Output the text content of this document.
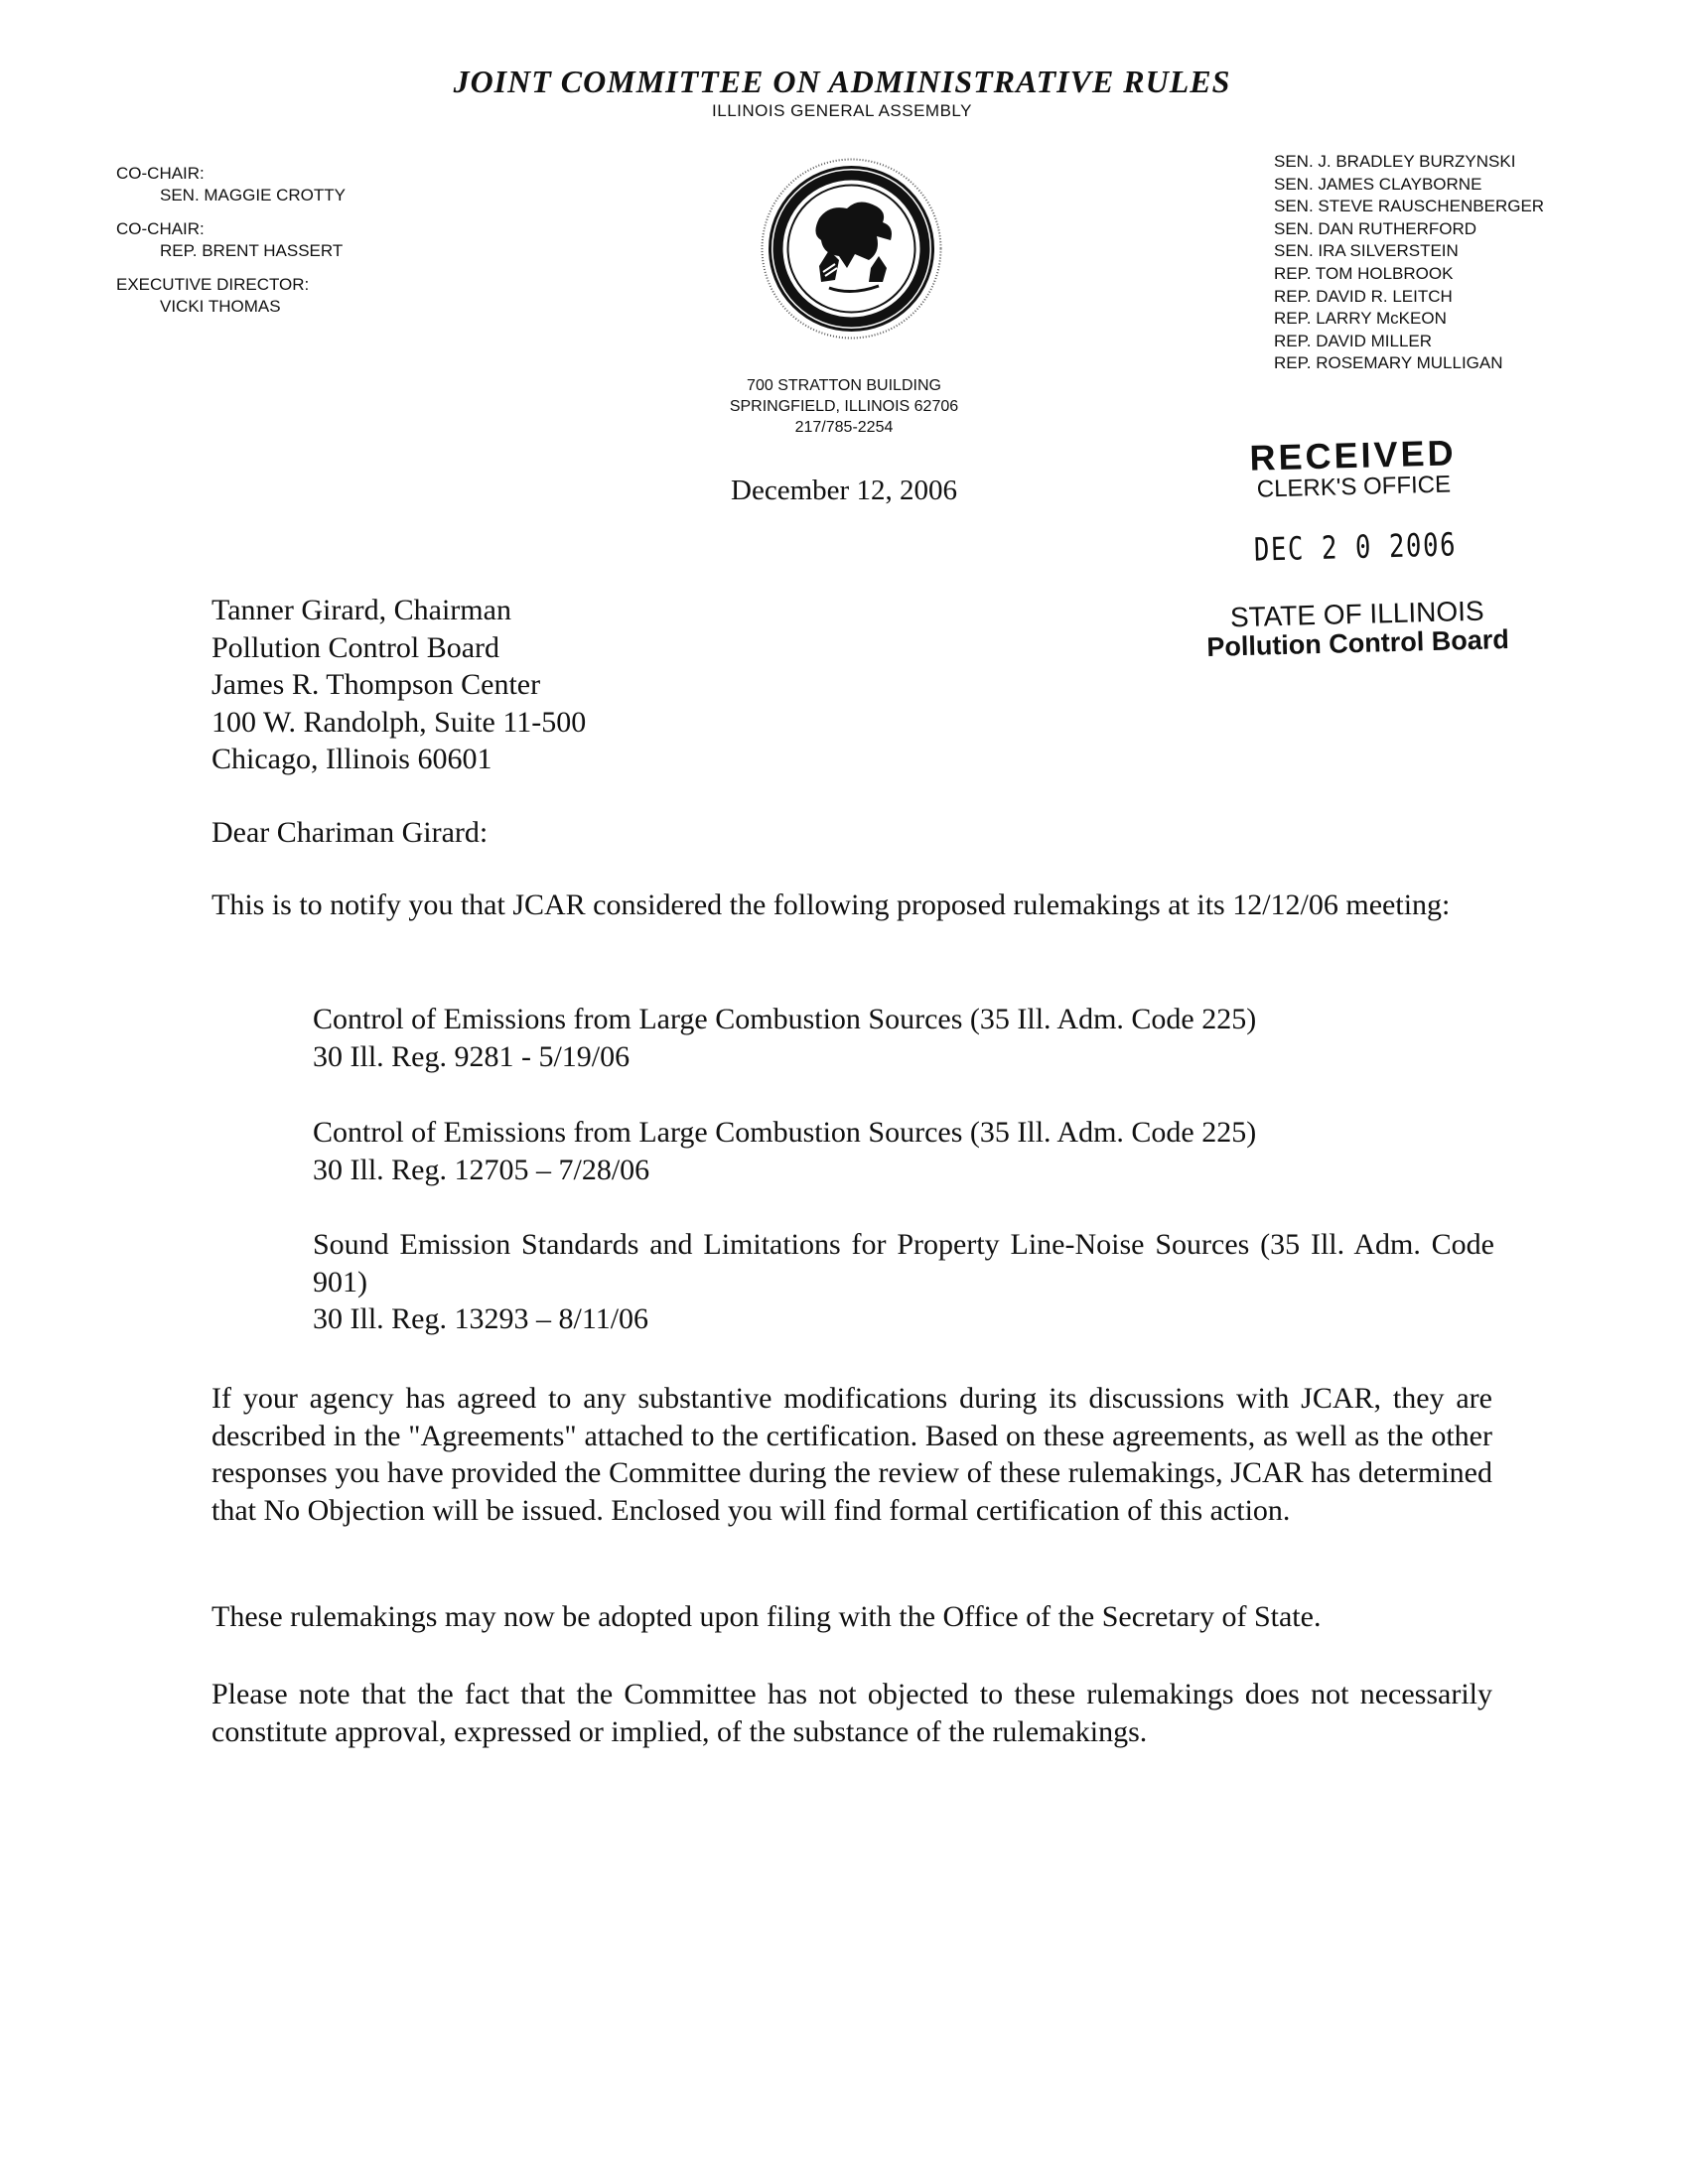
JOINT COMMITTEE ON ADMINISTRATIVE RULES
ILLINOIS GENERAL ASSEMBLY
CO-CHAIR:
SEN. MAGGIE CROTTY
CO-CHAIR:
REP. BRENT HASSERT
EXECUTIVE DIRECTOR:
VICKI THOMAS
SEN. J. BRADLEY BURZYNSKI
SEN. JAMES CLAYBORNE
SEN. STEVE RAUSCHENBERGER
SEN. DAN RUTHERFORD
SEN. IRA SILVERSTEIN
REP. TOM HOLBROOK
REP. DAVID R. LEITCH
REP. LARRY McKEON
REP. DAVID MILLER
REP. ROSEMARY MULLIGAN
700 STRATTON BUILDING
SPRINGFIELD, ILLINOIS 62706
217/785-2254
December 12, 2006
RECEIVED
CLERK'S OFFICE
DEC 2 0 2006
STATE OF ILLINOIS
Pollution Control Board
Tanner Girard, Chairman
Pollution Control Board
James R. Thompson Center
100 W. Randolph, Suite 11-500
Chicago, Illinois 60601
Dear Chariman Girard:
This is to notify you that JCAR considered the following proposed rulemakings at its 12/12/06 meeting:
Control of Emissions from Large Combustion Sources (35 Ill. Adm. Code 225)
30 Ill. Reg. 9281 - 5/19/06
Control of Emissions from Large Combustion Sources (35 Ill. Adm. Code 225)
30 Ill. Reg. 12705 – 7/28/06
Sound Emission Standards and Limitations for Property Line-Noise Sources (35 Ill. Adm. Code 901)
30 Ill. Reg. 13293 – 8/11/06
If your agency has agreed to any substantive modifications during its discussions with JCAR, they are described in the "Agreements" attached to the certification. Based on these agreements, as well as the other responses you have provided the Committee during the review of these rulemakings, JCAR has determined that No Objection will be issued. Enclosed you will find formal certification of this action.
These rulemakings may now be adopted upon filing with the Office of the Secretary of State.
Please note that the fact that the Committee has not objected to these rulemakings does not necessarily constitute approval, expressed or implied, of the substance of the rulemakings.
